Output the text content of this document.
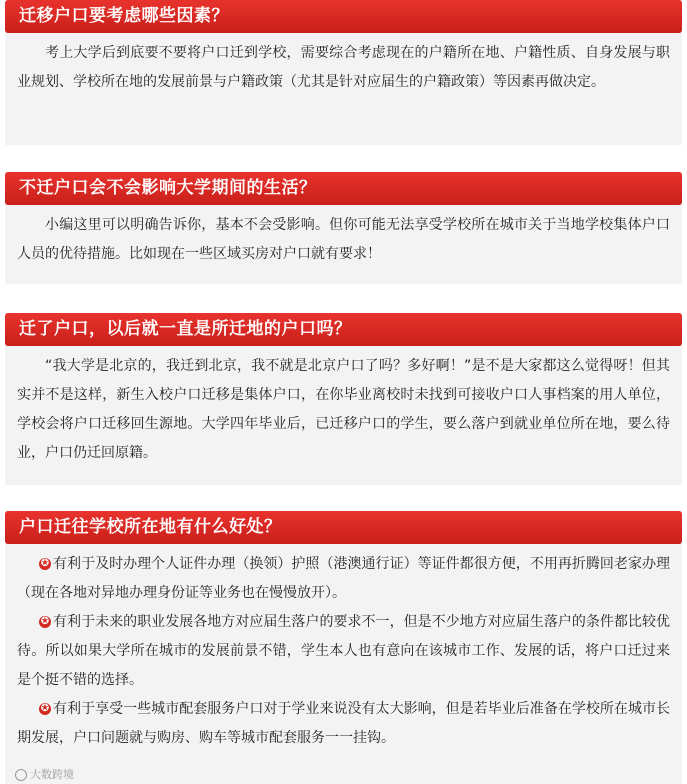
迁移户口要考虑哪些因素？

考上大学后到底要不要将户口迁到学校，需要综合考虑现在的户籍所在地、户籍性质、自身发展与职业规划、学校所在地的发展前景与户籍政策（尤其是针对应届生的户籍政策）等因素再做决定。

不迁户口会不会影响大学期间的生活？

小编这里可以明确告诉你，基本不会受影响。但你可能无法享受学校所在城市关于当地学校集体户口人员的优待措施。比如现在一些区域买房对户口就有要求！

迁了户口，以后就一直是所迁地的户口吗？

“我大学是北京的，我迁到北京，我不就是北京户口了吗？多好啊！”是不是大家都这么觉得呀！但其实并不是这样，新生入校户口迁移是集体户口，在你毕业离校时未找到可接收户口人事档案的用人单位，学校会将户口迁移回生源地。大学四年毕业后，已迁移户口的学生，要么落户到就业单位所在地，要么待业，户口仍迁回原籍。

户口迁往学校所在地有什么好处？

✪ 有利于及时办理个人证件办理（换领）护照（港澳通行证）等证件都很方便，不用再折腾回老家办理（现在各地对异地办理身份证等业务也在慢慢放开）。

✪ 有利于未来的职业发展各地方对应届生落户的要求不一，但是不少地方对应届生落户的条件都比较优待。所以如果大学所在城市的发展前景不错，学生本人也有意向在该城市工作、发展的话，将户口迁过来是个挺不错的选择。

✪ 有利于享受一些城市配套服务户口对于学业来说没有太大影响，但是若毕业后准备在学校所在城市长期发展，户口问题就与购房、购车等城市配套服务一一挂钩。

大数跨境
